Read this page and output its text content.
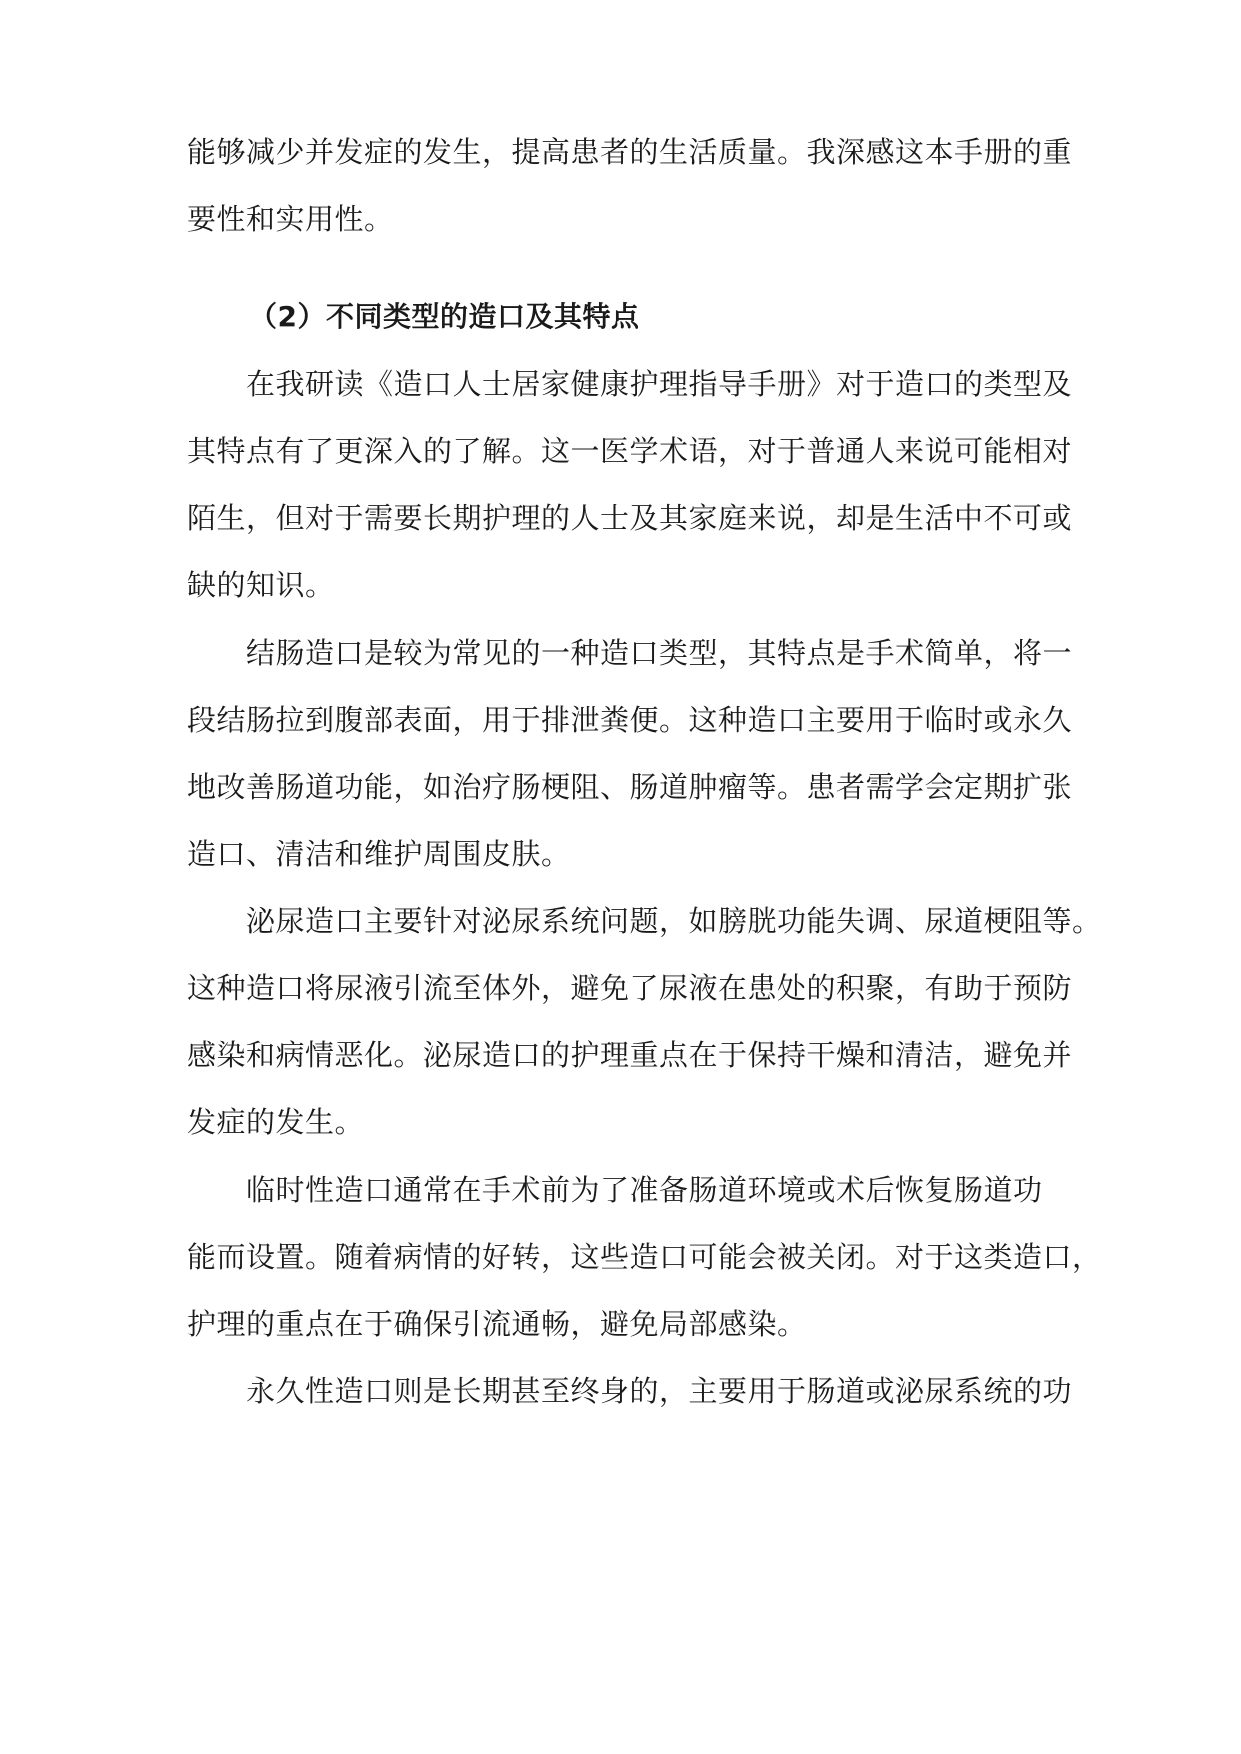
能够减少并发症的发生，提高患者的生活质量。我深感这本手册的重
要性和实用性。
（2）不同类型的造口及其特点
在我研读《造口人士居家健康护理指导手册》对于造口的类型及
其特点有了更深入的了解。这一医学术语，对于普通人来说可能相对
陌生，但对于需要长期护理的人士及其家庭来说，却是生活中不可或
缺的知识。
结肠造口是较为常见的一种造口类型，其特点是手术简单，将一
段结肠拉到腹部表面，用于排泄粪便。这种造口主要用于临时或永久
地改善肠道功能，如治疗肠梗阻、肠道肿瘤等。患者需学会定期扩张
造口、清洁和维护周围皮肤。
泌尿造口主要针对泌尿系统问题，如膀胱功能失调、尿道梗阻等。
这种造口将尿液引流至体外，避免了尿液在患处的积聚，有助于预防
感染和病情恶化。泌尿造口的护理重点在于保持干燥和清洁，避免并
发症的发生。
临时性造口通常在手术前为了准备肠道环境或术后恢复肠道功
能而设置。随着病情的好转，这些造口可能会被关闭。对于这类造口，
护理的重点在于确保引流通畅，避免局部感染。
永久性造口则是长期甚至终身的，主要用于肠道或泌尿系统的功
